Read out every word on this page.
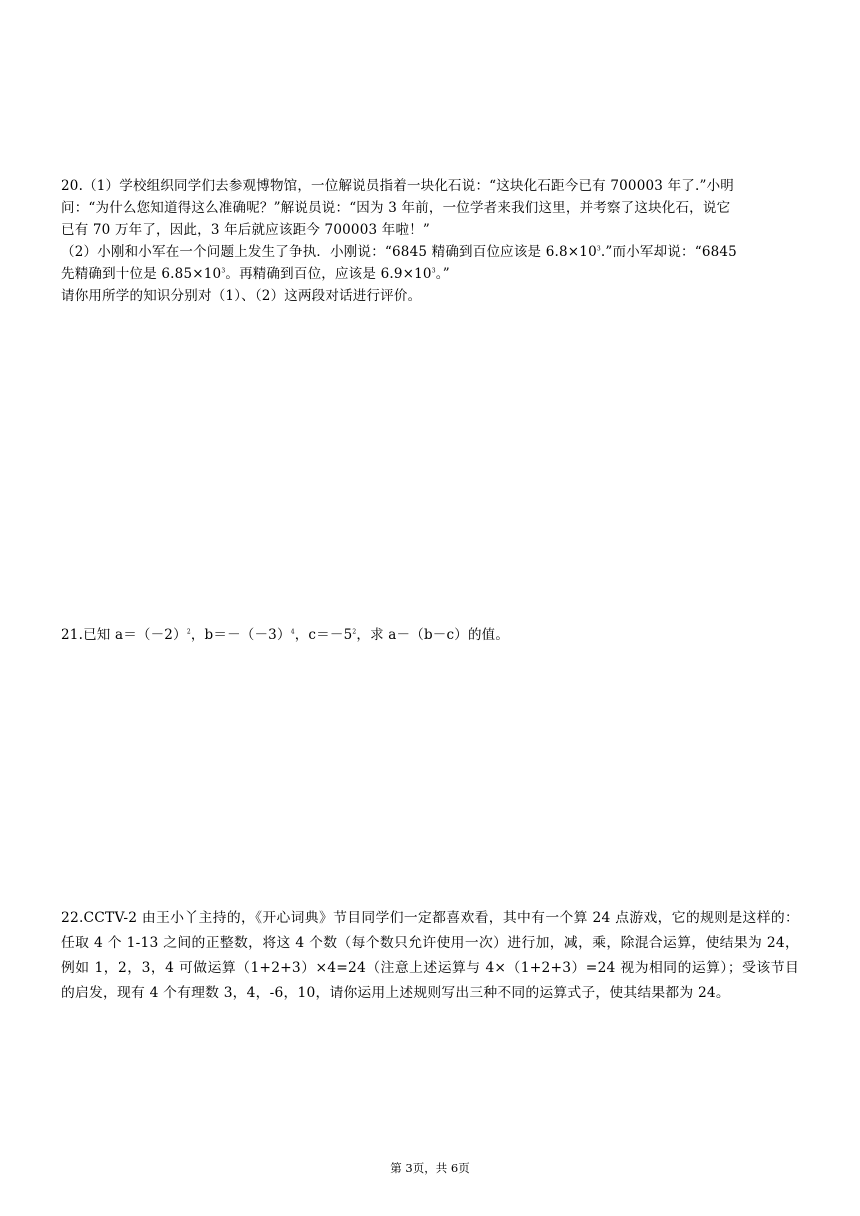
20.（1）学校组织同学们去参观博物馆，一位解说员指着一块化石说：“这块化石距今已有 700003 年了.”小明

问：“为什么您知道得这么准确呢？”解说员说：“因为 3 年前，一位学者来我们这里，并考察了这块化石，说它

已有 70 万年了，因此，3 年后就应该距今 700003 年啦！”

（2）小刚和小军在一个问题上发生了争执．小刚说：“6845 精确到百位应该是 $6.8\times 10^3$.”而小军却说：“6845

先精确到十位是 $6.85\times 10^3$。再精确到百位，应该是 $6.9\times 10^3$。”

请你用所学的知识分别对（1）、（2）这两段对话进行评价。

21.已知 $a=(-2)^2$，$b=-(-3)^4$，$c=-5^2$，求 a－（b－c）的值。

22.CCTV-2 由王小丫主持的，《开心词典》节目同学们一定都喜欢看，其中有一个算 24 点游戏，它的规则是这样的：任取 4 个 1-13 之间的正整数，将这 4 个数（每个数只允许使用一次）进行加，减，乘，除混合运算，使结果为 24，例如 1，2，3，4 可做运算（1+2+3）×4=24（注意上述运算与 4×（1+2+3）=24 视为相同的运算）；受该节目的启发，现有 4 个有理数 3，4，-6，10，请你运用上述规则写出三种不同的运算式子，使其结果都为 24。

第 3页，共 6页
